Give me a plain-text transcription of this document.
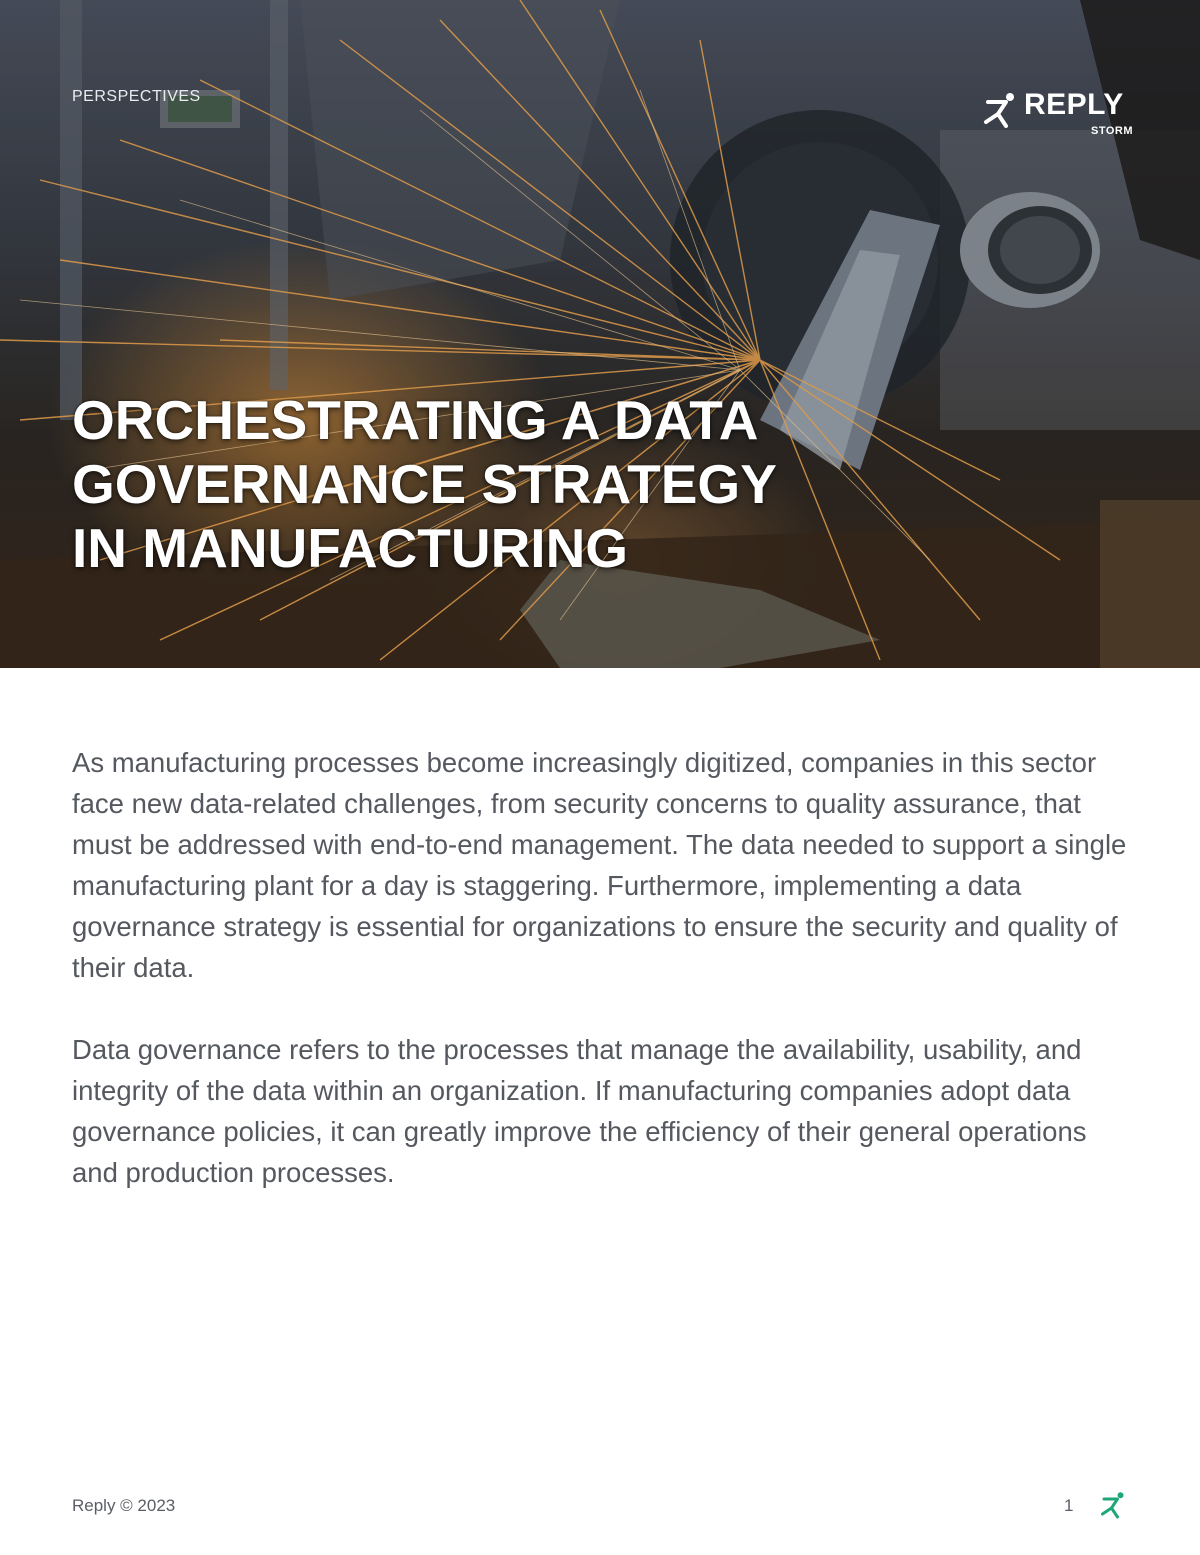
PERSPECTIVES	REPLY
STORM
ORCHESTRATING A DATA
GOVERNANCE STRATEGY
IN MANUFACTURING

As manufacturing processes become increasingly digitized, companies in this sector face new data-related challenges, from security concerns to quality assurance, that must be addressed with end-to-end management. The data needed to support a single manufacturing plant for a day is staggering. Furthermore, implementing a data governance strategy is essential for organizations to ensure the security and quality of their data.

Data governance refers to the processes that manage the availability, usability, and integrity of the data within an organization. If manufacturing companies adopt data governance policies, it can greatly improve the efficiency of their general operations and production processes.

Reply © 2023	1
